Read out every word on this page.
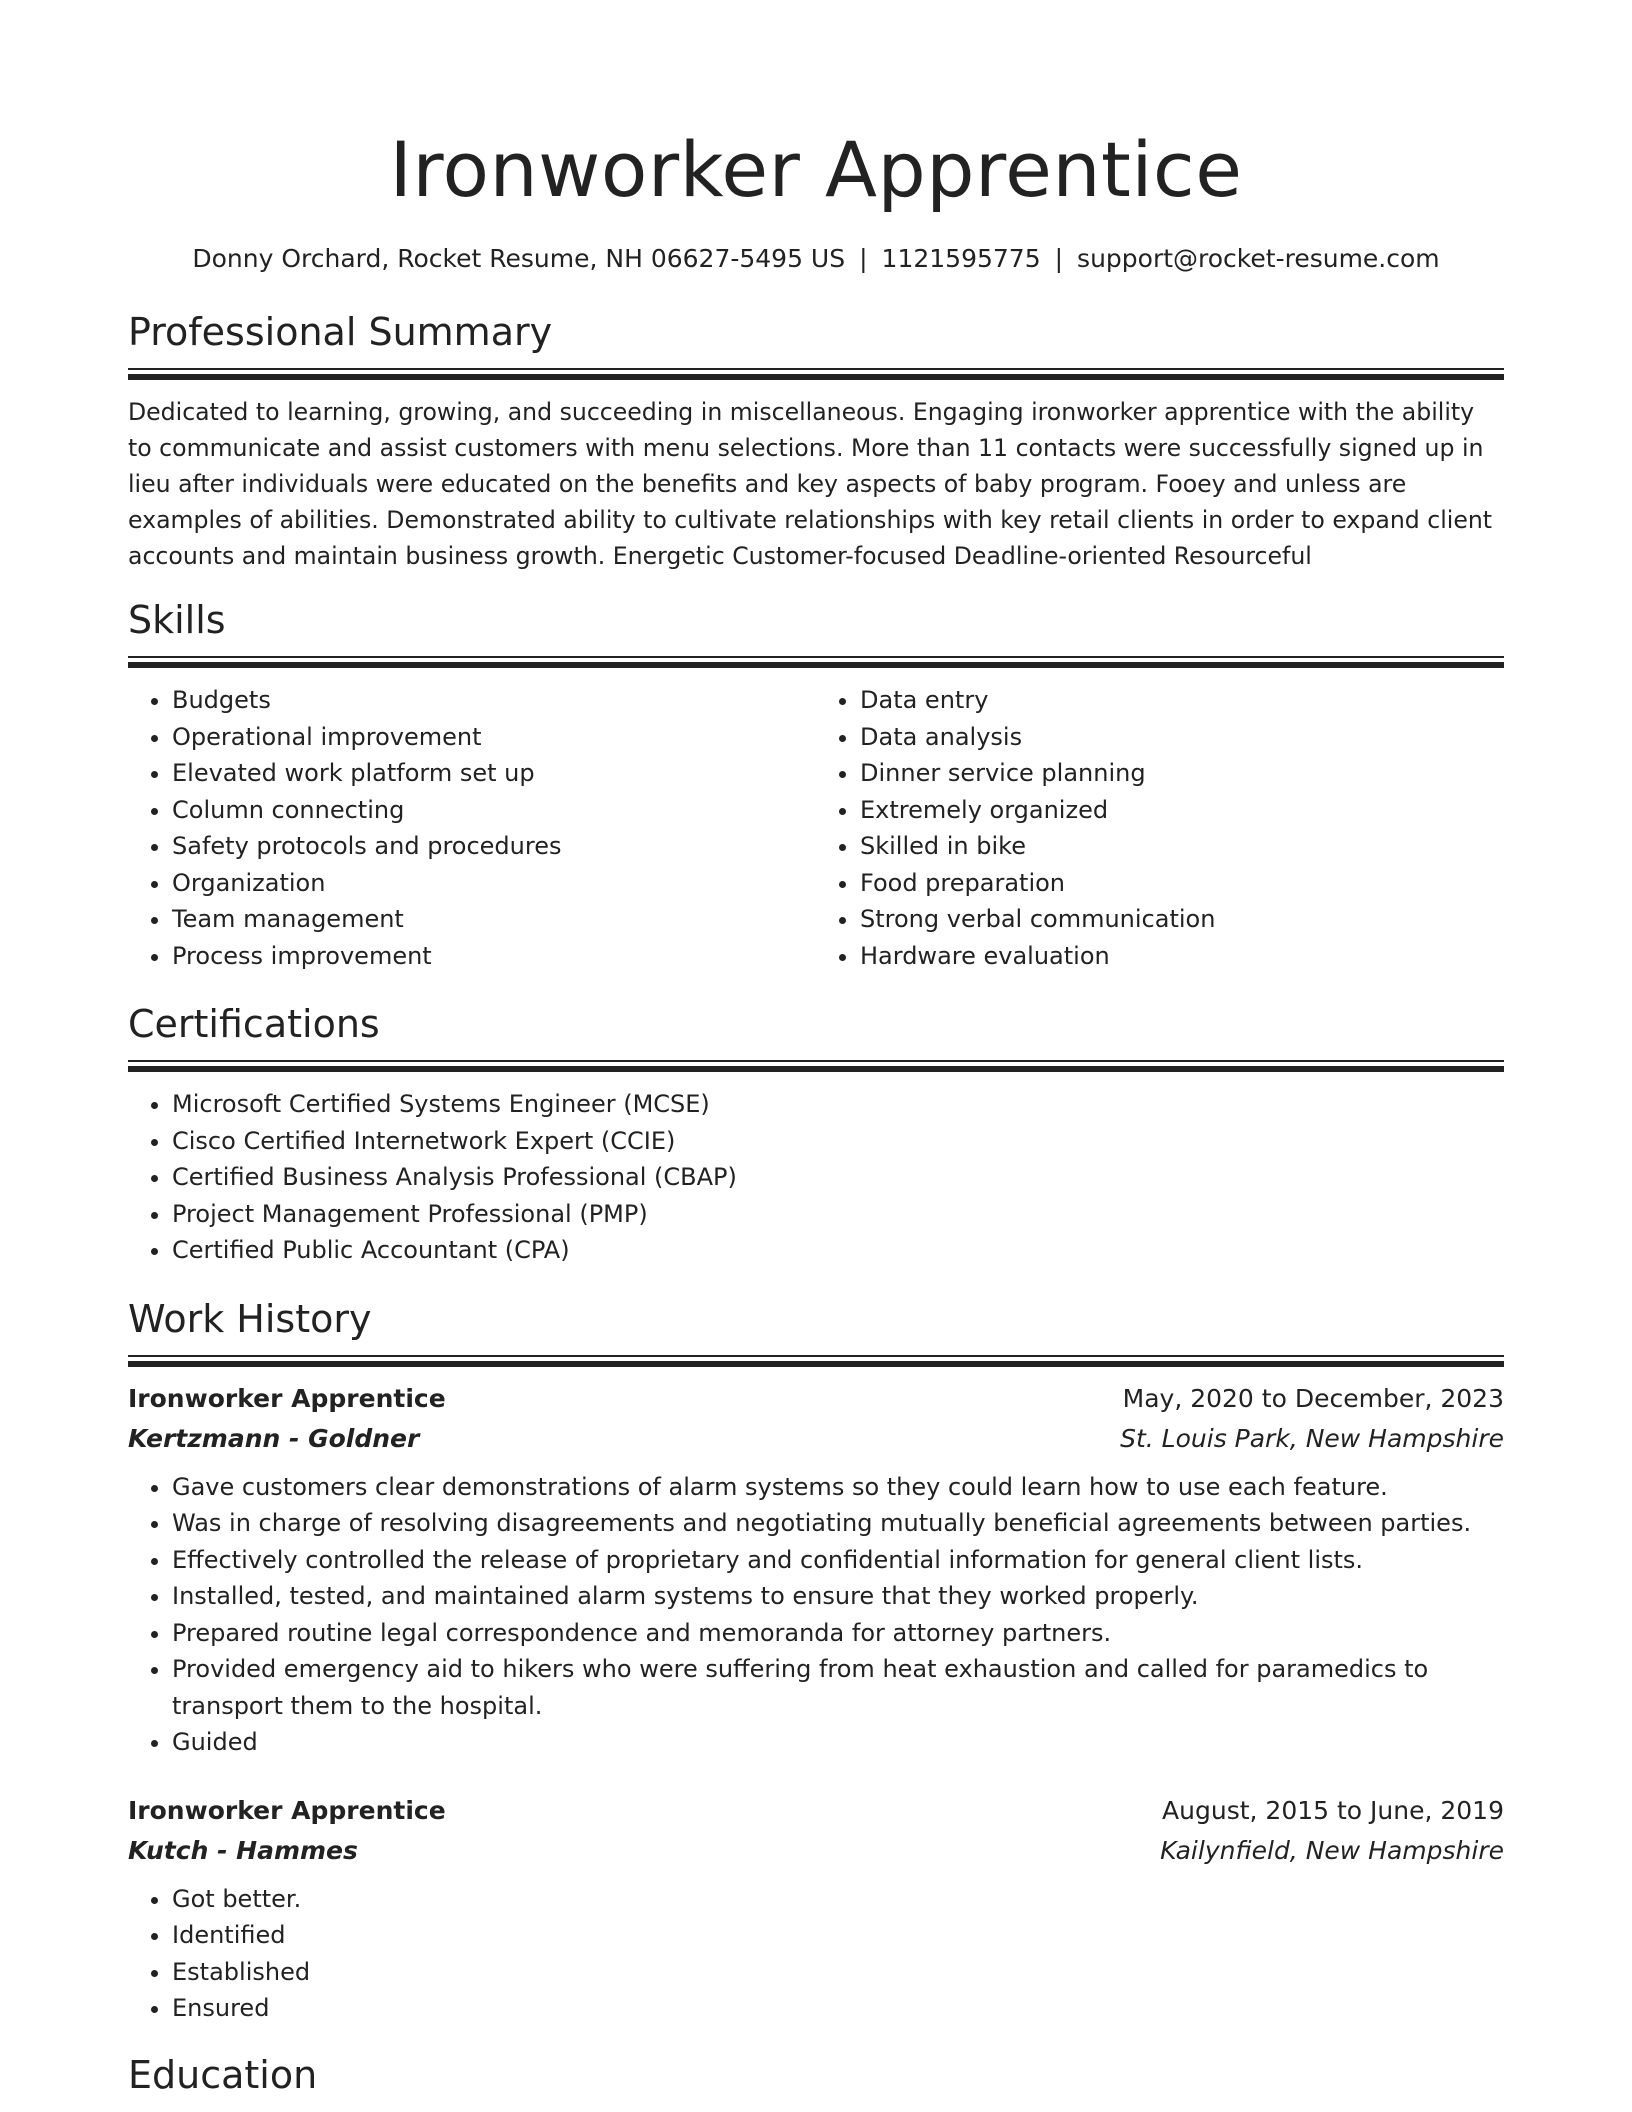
Ironworker Apprentice
Donny Orchard, Rocket Resume, NH 06627-5495 US | 1121595775 | support@rocket-resume.com
Professional Summary

Dedicated to learning, growing, and succeeding in miscellaneous. Engaging ironworker apprentice with the ability to communicate and assist customers with menu selections. More than 11 contacts were successfully signed up in lieu after individuals were educated on the benefits and key aspects of baby program. Fooey and unless are examples of abilities. Demonstrated ability to cultivate relationships with key retail clients in order to expand client accounts and maintain business growth. Energetic Customer-focused Deadline-oriented Resourceful

Skills
• Budgets
• Operational improvement
• Elevated work platform set up
• Column connecting
• Safety protocols and procedures
• Organization
• Team management
• Process improvement
• Data entry
• Data analysis
• Dinner service planning
• Extremely organized
• Skilled in bike
• Food preparation
• Strong verbal communication
• Hardware evaluation
Certifications
• Microsoft Certified Systems Engineer (MCSE)
• Cisco Certified Internetwork Expert (CCIE)
• Certified Business Analysis Professional (CBAP)
• Project Management Professional (PMP)
• Certified Public Accountant (CPA)
Work History
Ironworker Apprentice	May, 2020 to December, 2023
Kertzmann - Goldner	St. Louis Park, New Hampshire
• Gave customers clear demonstrations of alarm systems so they could learn how to use each feature.
• Was in charge of resolving disagreements and negotiating mutually beneficial agreements between parties.
• Effectively controlled the release of proprietary and confidential information for general client lists.
• Installed, tested, and maintained alarm systems to ensure that they worked properly.
• Prepared routine legal correspondence and memoranda for attorney partners.
• Provided emergency aid to hikers who were suffering from heat exhaustion and called for paramedics to transport them to the hospital.
• Guided
Ironworker Apprentice	August, 2015 to June, 2019
Kutch - Hammes	Kailynfield, New Hampshire
• Got better.
• Identified
• Established
• Ensured
Education
